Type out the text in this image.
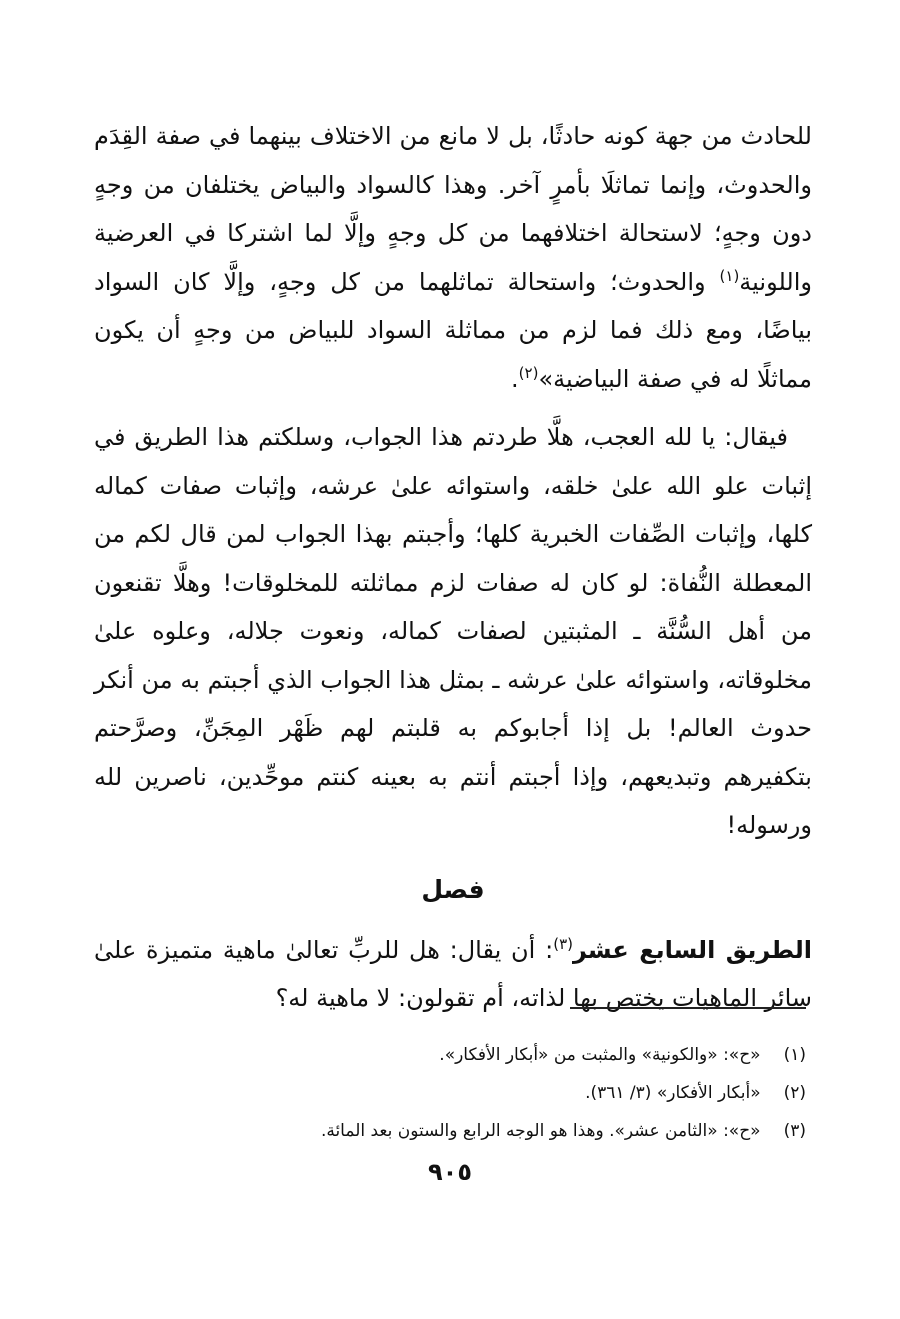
للحادث من جهة كونه حادثًا، بل لا مانع من الاختلاف بينهما في صفة القِدَم والحدوث، وإنما تماثلَا بأمرٍ آخر. وهذا كالسواد والبياض يختلفان من وجهٍ دون وجهٍ؛ لاستحالة اختلافهما من كل وجهٍ وإلَّا لما اشتركا في العرضية واللونية$^{(١)}$ والحدوث؛ واستحالة تماثلهما من كل وجهٍ، وإلَّا كان السواد بياضًا، ومع ذلك فما لزم من مماثلة السواد للبياض من وجهٍ أن يكون مماثلًا له في صفة البياضية»$^{(٢)}$.

فيقال: يا لله العجب، هلَّا طردتم هذا الجواب، وسلكتم هذا الطريق في إثبات علو الله علىٰ خلقه، واستوائه علىٰ عرشه، وإثبات صفات كماله كلها، وإثبات الصِّفات الخبرية كلها؛ وأجبتم بهذا الجواب لمن قال لكم من المعطلة النُّفاة: لو كان له صفات لزم مماثلته للمخلوقات! وهلَّا تقنعون من أهل السُّنَّة ـ المثبتين لصفات كماله، ونعوت جلاله، وعلوه علىٰ مخلوقاته، واستوائه علىٰ عرشه ـ بمثل هذا الجواب الذي أجبتم به من أنكر حدوث العالم! بل إذا أجابوكم به قلبتم لهم ظَهْر المِجَنِّ، وصرَّحتم بتكفيرهم وتبديعهم، وإذا أجبتم أنتم به بعينه كنتم موحِّدين، ناصرين لله ورسوله!

فصل

الطريق السابع عشر$^{(٣)}$: أن يقال: هل للربِّ تعالىٰ ماهية متميزة علىٰ سائر الماهيات يختص بها لذاته، أم تقولون: لا ماهية له؟

(١) «ح»: «والكونية» والمثبت من «أبكار الأفكار».
(٢) «أبكار الأفكار» (٣/ ٣٦١).
(٣) «ح»: «الثامن عشر». وهذا هو الوجه الرابع والستون بعد المائة.
٩٠٥
